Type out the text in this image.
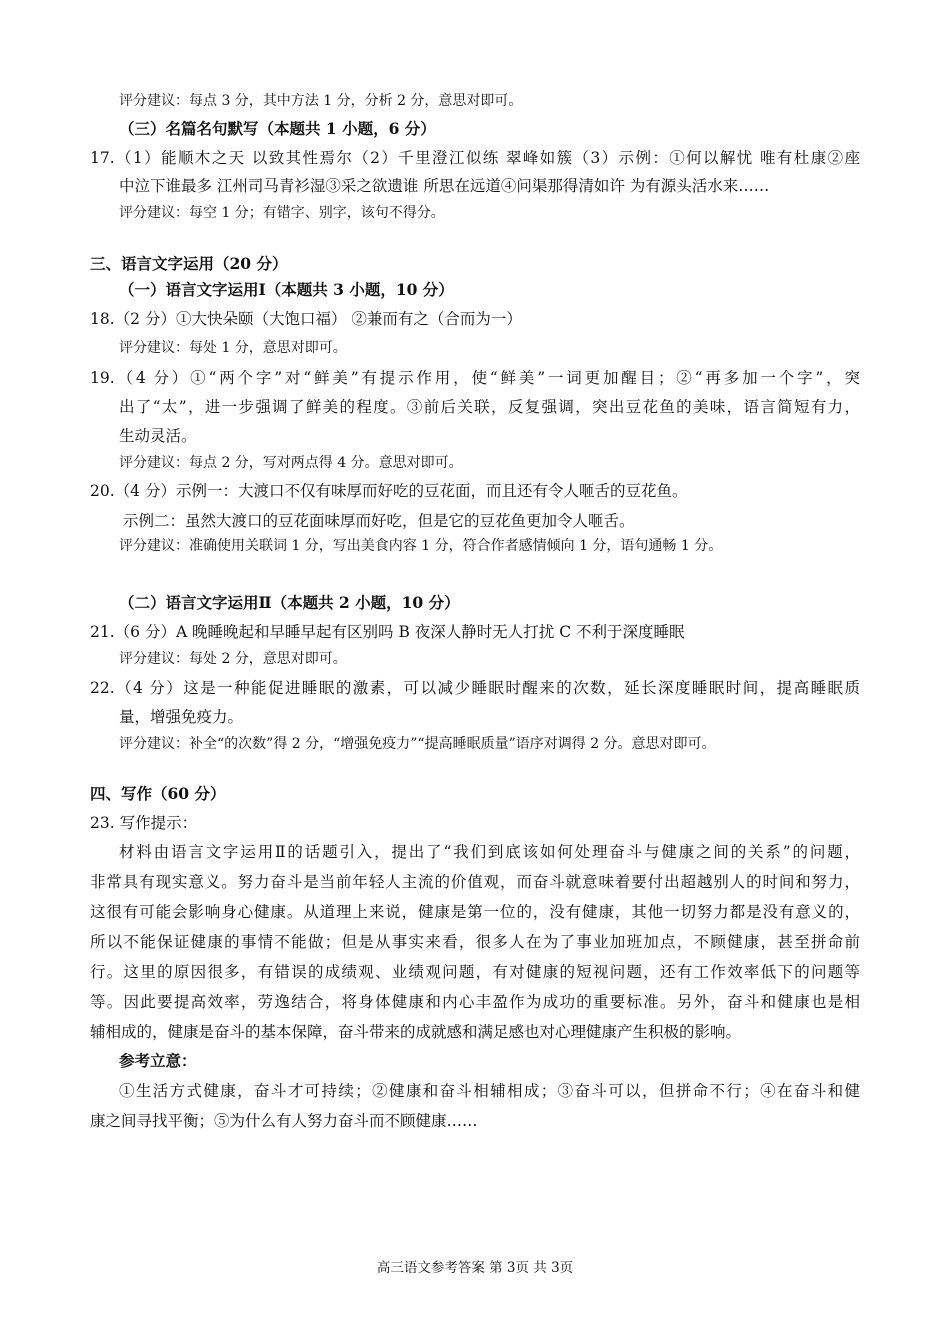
评分建议：每点 3 分，其中方法 1 分，分析 2 分，意思对即可。
（三）名篇名句默写（本题共 1 小题，6 分）
17.（1）能顺木之天 以致其性焉尔（2）千里澄江似练 翠峰如簇（3）示例：①何以解忧 唯有杜康②座
中泣下谁最多 江州司马青衫湿③采之欲遗谁 所思在远道④问渠那得清如许 为有源头活水来……
评分建议：每空 1 分；有错字、别字，该句不得分。
三、语言文字运用（20 分）
（一）语言文字运用Ⅰ（本题共 3 小题，10 分）
18.（2 分）①大快朵颐（大饱口福） ②兼而有之（合而为一）
评分建议：每处 1 分，意思对即可。
19.（4 分）①“两个字”对“鲜美”有提示作用，使“鲜美”一词更加醒目；②“再多加一个字”，突
出了“太”，进一步强调了鲜美的程度。③前后关联，反复强调，突出豆花鱼的美味，语言简短有力，
生动灵活。
评分建议：每点 2 分，写对两点得 4 分。意思对即可。
20.（4 分）示例一：大渡口不仅有味厚而好吃的豆花面，而且还有令人咂舌的豆花鱼。
示例二：虽然大渡口的豆花面味厚而好吃，但是它的豆花鱼更加令人咂舌。
评分建议：准确使用关联词 1 分，写出美食内容 1 分，符合作者感情倾向 1 分，语句通畅 1 分。
（二）语言文字运用Ⅱ（本题共 2 小题，10 分）
21.（6 分）A 晚睡晚起和早睡早起有区别吗 B 夜深人静时无人打扰 C 不利于深度睡眠
评分建议：每处 2 分，意思对即可。
22.（4 分）这是一种能促进睡眠的激素，可以减少睡眠时醒来的次数，延长深度睡眠时间，提高睡眠质
量，增强免疫力。
评分建议：补全“的次数”得 2 分，“增强免疫力”“提高睡眠质量”语序对调得 2 分。意思对即可。
四、写作（60 分）
23. 写作提示：
材料由语言文字运用Ⅱ的话题引入，提出了“我们到底该如何处理奋斗与健康之间的关系”的问题，
非常具有现实意义。努力奋斗是当前年轻人主流的价值观，而奋斗就意味着要付出超越别人的时间和努力，
这很有可能会影响身心健康。从道理上来说，健康是第一位的，没有健康，其他一切努力都是没有意义的，
所以不能保证健康的事情不能做；但是从事实来看，很多人在为了事业加班加点，不顾健康，甚至拼命前
行。这里的原因很多，有错误的成绩观、业绩观问题，有对健康的短视问题，还有工作效率低下的问题等
等。因此要提高效率，劳逸结合，将身体健康和内心丰盈作为成功的重要标准。另外，奋斗和健康也是相
辅相成的，健康是奋斗的基本保障，奋斗带来的成就感和满足感也对心理健康产生积极的影响。
参考立意：
①生活方式健康，奋斗才可持续；②健康和奋斗相辅相成；③奋斗可以，但拼命不行；④在奋斗和健
康之间寻找平衡；⑤为什么有人努力奋斗而不顾健康……
高三语文参考答案 第 3页 共 3页
